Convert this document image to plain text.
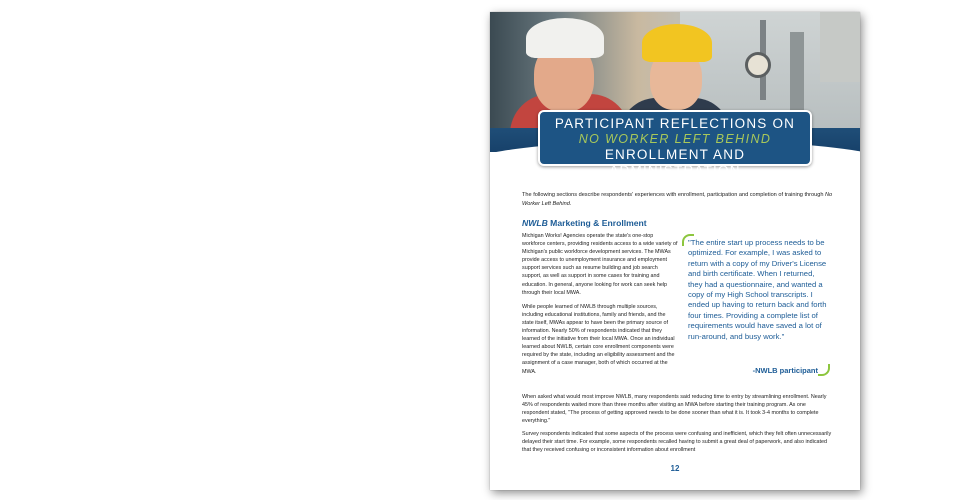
PARTICIPANT REFLECTIONS ON
NO WORKER LEFT BEHIND
ENROLLMENT AND ADMINISTRATION

The following sections describe respondents' experiences with enrollment, participation and completion of training through No Worker Left Behind.

NWLB Marketing & Enrollment

Michigan Works! Agencies operate the state's one-stop workforce centers, providing residents access to a wide variety of Michigan's public workforce development services. The MWAs provide access to unemployment insurance and employment support services such as resume building and job search support, as well as support in some cases for training and education. In general, anyone looking for work can seek help through their local MWA.

While people learned of NWLB through multiple sources, including educational institutions, family and friends, and the state itself, MWAs appear to have been the primary source of information. Nearly 50% of respondents indicated that they learned of the initiative from their local MWA. Once an individual learned about NWLB, certain core enrollment components were required by the state, including an eligibility assessment and the assignment of a case manager, both of which occurred at the MWA.

"The entire start up process needs to be optimized. For example, I was asked to return with a copy of my Driver's License and birth certificate. When I returned, they had a questionnaire, and wanted a copy of my High School transcripts. I ended up having to return back and forth four times. Providing a complete list of requirements would have saved a lot of run-around, and busy work."

-NWLB participant

When asked what would most improve NWLB, many respondents said reducing time to entry by streamlining enrollment. Nearly 45% of respondents waited more than three months after visiting an MWA before starting their training program. As one respondent stated, "The process of getting approved needs to be done sooner than what it is. It took 3-4 months to complete everything."

Survey respondents indicated that some aspects of the process were confusing and inefficient, which they felt often unnecessarily delayed their start time. For example, some respondents recalled having to submit a great deal of paperwork, and also indicated that they received confusing or inconsistent information about enrollment

12
